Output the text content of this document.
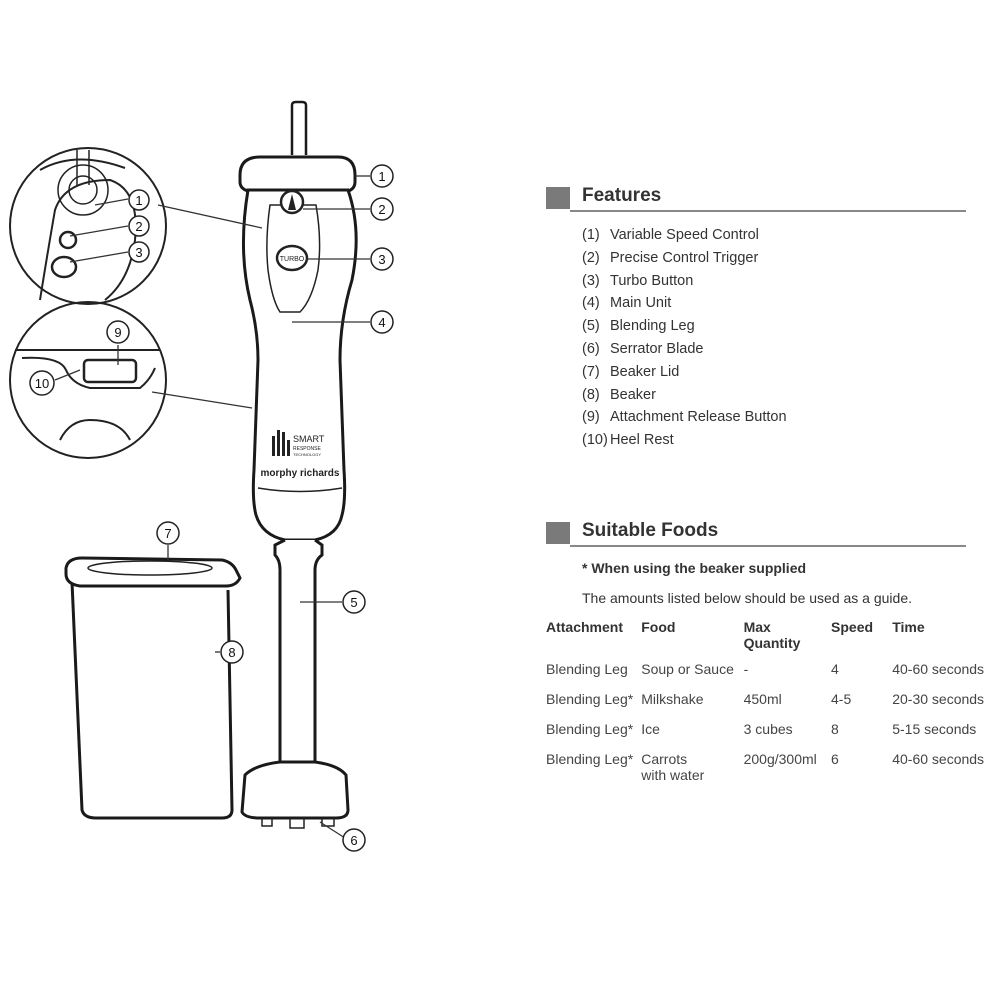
TURBO
SMART
RESPONSE
TECHNOLOGY
morphy richards
1
2
3
4
5
6
7
8
9
10
1
2
3
Features
(1) Variable Speed Control
(2) Precise Control Trigger
(3) Turbo Button
(4) Main Unit
(5) Blending Leg
(6) Serrator Blade
(7) Beaker Lid
(8) Beaker
(9) Attachment Release Button
(10) Heel Rest
Suitable Foods
* When using the beaker supplied
The amounts listed below should be used as a guide.
Attachment	Food	Max Quantity	Speed	Time
Blending Leg	Soup or Sauce	-	4	40-60 seconds
Blending Leg*	Milkshake	450ml	4-5	20-30 seconds
Blending Leg*	Ice	3 cubes	8	5-15 seconds
Blending Leg*	Carrots
with water	200g/300ml	6	40-60 seconds
